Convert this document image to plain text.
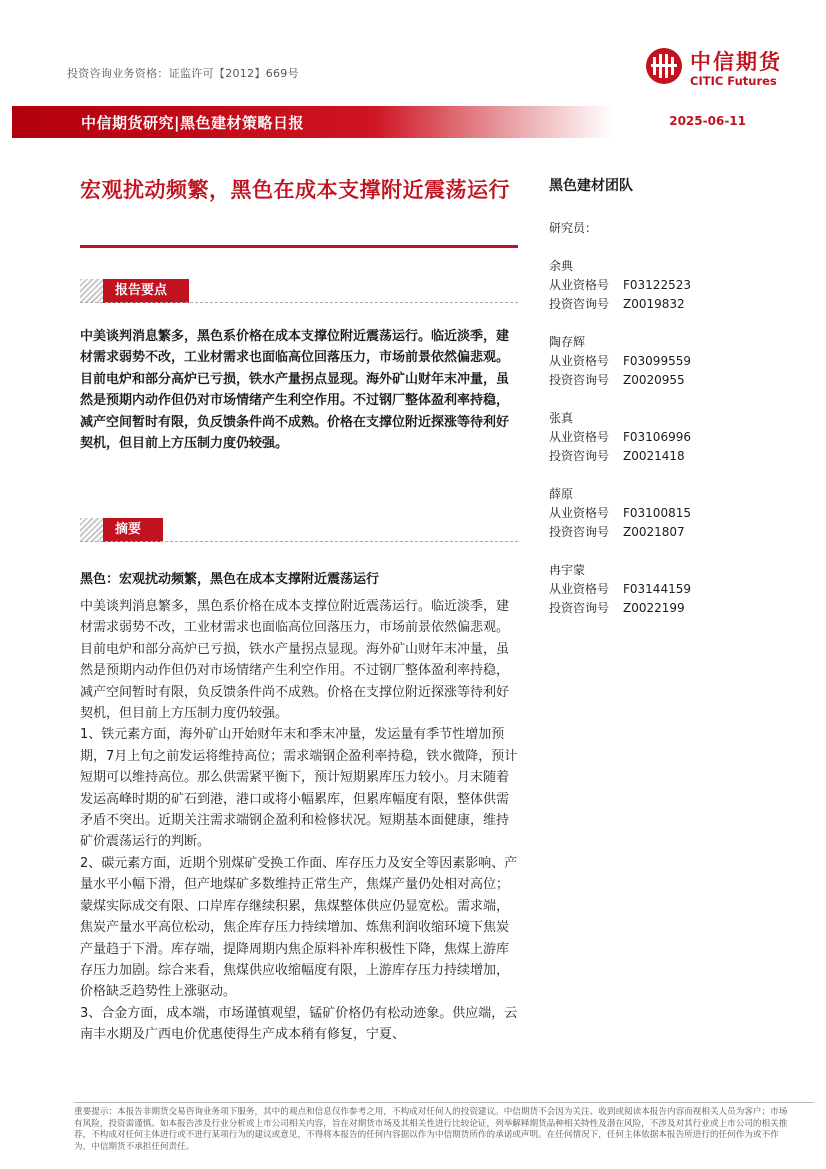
投资咨询业务资格：证监许可【2012】669号	中信期货
CITIC Futures
中信期货研究|黑色建材策略日报	2025-06-11
宏观扰动频繁，黑色在成本支撑附近震荡运行
报告要点
中美谈判消息繁多，黑色系价格在成本支撑位附近震荡运行。临近淡季，建材需求弱势不改，工业材需求也面临高位回落压力，市场前景依然偏悲观。目前电炉和部分高炉已亏损，铁水产量拐点显现。海外矿山财年末冲量，虽然是预期内动作但仍对市场情绪产生利空作用。不过钢厂整体盈利率持稳，减产空间暂时有限，负反馈条件尚不成熟。价格在支撑位附近探涨等待利好契机，但目前上方压制力度仍较强。
摘要
黑色：宏观扰动频繁，黑色在成本支撑附近震荡运行

中美谈判消息繁多，黑色系价格在成本支撑位附近震荡运行。临近淡季，建材需求弱势不改，工业材需求也面临高位回落压力，市场前景依然偏悲观。目前电炉和部分高炉已亏损，铁水产量拐点显现。海外矿山财年末冲量，虽然是预期内动作但仍对市场情绪产生利空作用。不过钢厂整体盈利率持稳，减产空间暂时有限，负反馈条件尚不成熟。价格在支撑位附近探涨等待利好契机，但目前上方压制力度仍较强。

1、铁元素方面，海外矿山开始财年末和季末冲量，发运量有季节性增加预期，7月上旬之前发运将维持高位；需求端钢企盈利率持稳，铁水微降，预计短期可以维持高位。那么供需紧平衡下，预计短期累库压力较小。月末随着发运高峰时期的矿石到港，港口或将小幅累库，但累库幅度有限，整体供需矛盾不突出。近期关注需求端钢企盈利和检修状况。短期基本面健康，维持矿价震荡运行的判断。

2、碳元素方面，近期个别煤矿受换工作面、库存压力及安全等因素影响、产量水平小幅下滑，但产地煤矿多数维持正常生产，焦煤产量仍处相对高位；蒙煤实际成交有限、口岸库存继续积累，焦煤整体供应仍显宽松。需求端，焦炭产量水平高位松动，焦企库存压力持续增加、炼焦利润收缩环境下焦炭产量趋于下滑。库存端，提降周期内焦企原料补库积极性下降，焦煤上游库存压力加剧。综合来看，焦煤供应收缩幅度有限，上游库存压力持续增加，价格缺乏趋势性上涨驱动。

3、合金方面，成本端，市场谨慎观望，锰矿价格仍有松动迹象。供应端，云南丰水期及广西电价优惠使得生产成本稍有修复，宁夏、

黑色建材团队
研究员：
余典
从业资格号 F03122523
投资咨询号 Z0019832
陶存辉
从业资格号 F03099559
投资咨询号 Z0020955
张真
从业资格号 F03106996
投资咨询号 Z0021418
薛原
从业资格号 F03100815
投资咨询号 Z0021807
冉宇蒙
从业资格号 F03144159
投资咨询号 Z0022199
重要提示：本报告非期货交易咨询业务项下服务，其中的观点和信息仅作参考之用，不构成对任何人的投资建议。中信期货不会因为关注、收到或阅读本报告内容而视相关人员为客户；市场有风险，投资需谨慎。如本报告涉及行业分析或上市公司相关内容，旨在对期货市场及其相关性进行比较论证，列举解释期货品种相关特性及潜在风险，不涉及对其行业或上市公司的相关推荐，不构成对任何主体进行或不进行某项行为的建议或意见，不得将本报告的任何内容据以作为中信期货所作的承诺或声明。在任何情况下，任何主体依据本报告所进行的任何作为或不作为，中信期货不承担任何责任。
